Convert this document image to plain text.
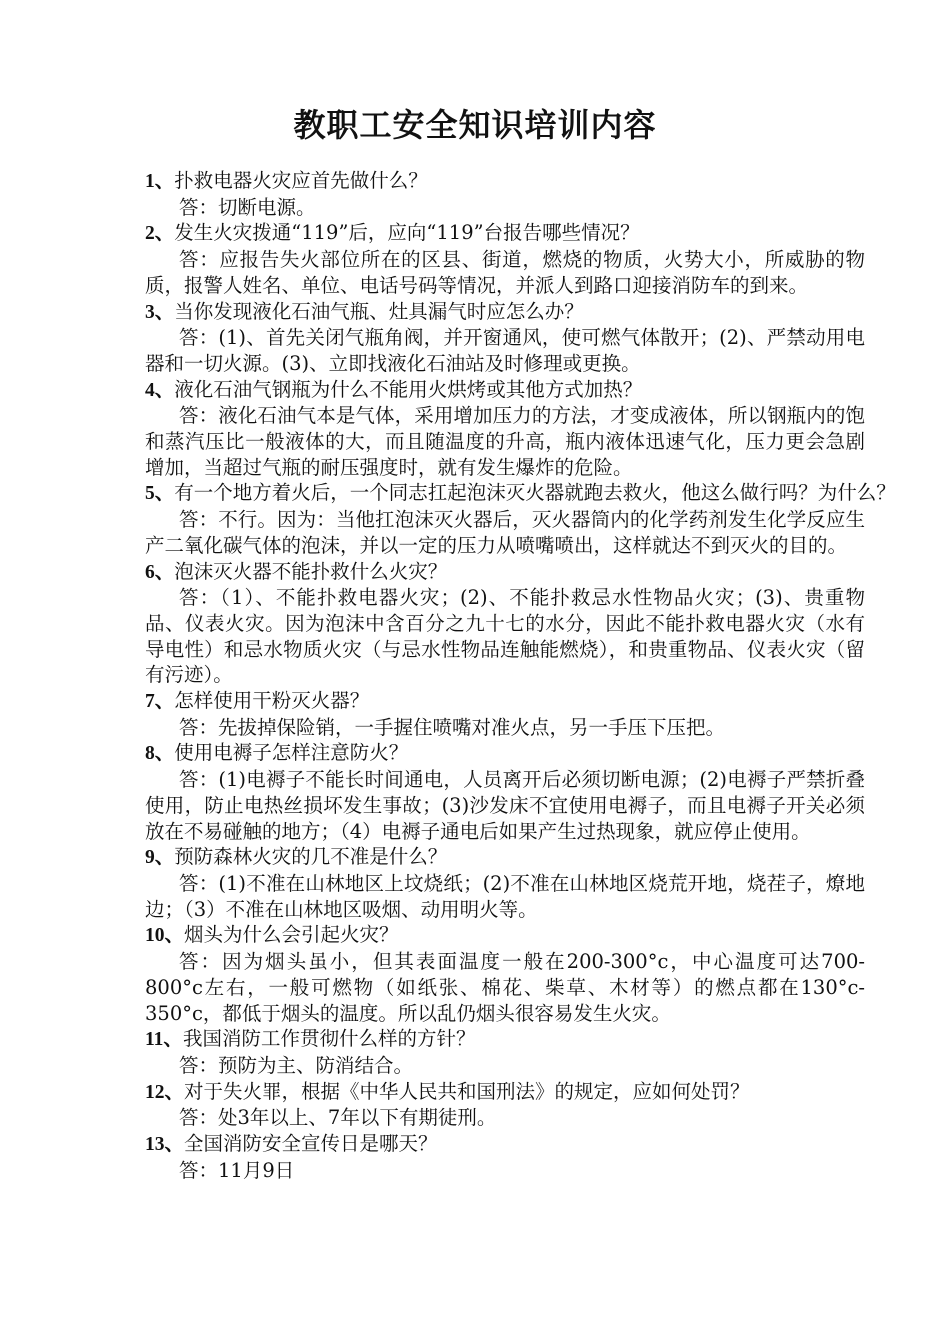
教职工安全知识培训内容

1、扑救电器火灾应首先做什么？

答：切断电源。

2、发生火灾拨通“119”后，应向“119”台报告哪些情况？

答：应报告失火部位所在的区县、街道，燃烧的物质，火势大小，所威胁的物质，报警人姓名、单位、电话号码等情况，并派人到路口迎接消防车的到来。

3、当你发现液化石油气瓶、灶具漏气时应怎么办？

答：(1)、首先关闭气瓶角阀，并开窗通风，使可燃气体散开；(2)、严禁动用电器和一切火源。(3)、立即找液化石油站及时修理或更换。

4、液化石油气钢瓶为什么不能用火烘烤或其他方式加热？

答：液化石油气本是气体，采用增加压力的方法，才变成液体，所以钢瓶内的饱和蒸汽压比一般液体的大，而且随温度的升高，瓶内液体迅速气化，压力更会急剧增加，当超过气瓶的耐压强度时，就有发生爆炸的危险。

5、有一个地方着火后，一个同志扛起泡沫灭火器就跑去救火，他这么做行吗？为什么？

答：不行。因为：当他扛泡沫灭火器后，灭火器筒内的化学药剂发生化学反应生产二氧化碳气体的泡沫，并以一定的压力从喷嘴喷出，这样就达不到灭火的目的。

6、泡沫灭火器不能扑救什么火灾？

答：（1）、不能扑救电器火灾；(2)、不能扑救忌水性物品火灾；(3)、贵重物品、仪表火灾。因为泡沫中含百分之九十七的水分，因此不能扑救电器火灾（水有导电性）和忌水物质火灾（与忌水性物品连触能燃烧），和贵重物品、仪表火灾（留有污迹）。

7、怎样使用干粉灭火器？

答：先拔掉保险销，一手握住喷嘴对准火点，另一手压下压把。

8、使用电褥子怎样注意防火？

答：(1)电褥子不能长时间通电，人员离开后必须切断电源；(2)电褥子严禁折叠使用，防止电热丝损坏发生事故；(3)沙发床不宜使用电褥子，而且电褥子开关必须放在不易碰触的地方；（4）电褥子通电后如果产生过热现象，就应停止使用。

9、预防森林火灾的几不准是什么？

答：(1)不准在山林地区上坟烧纸；(2)不准在山林地区烧荒开地，烧茬子，燎地边；（3）不准在山林地区吸烟、动用明火等。

10、烟头为什么会引起火灾？

答：因为烟头虽小，但其表面温度一般在200-300°c，中心温度可达700-800°c左右，一般可燃物（如纸张、棉花、柴草、木材等）的燃点都在130°c-350°c，都低于烟头的温度。所以乱仍烟头很容易发生火灾。

11、我国消防工作贯彻什么样的方针？

答：预防为主、防消结合。

12、对于失火罪，根据《中华人民共和国刑法》的规定，应如何处罚？

答：处3年以上、7年以下有期徒刑。

13、全国消防安全宣传日是哪天？

答：11月9日
